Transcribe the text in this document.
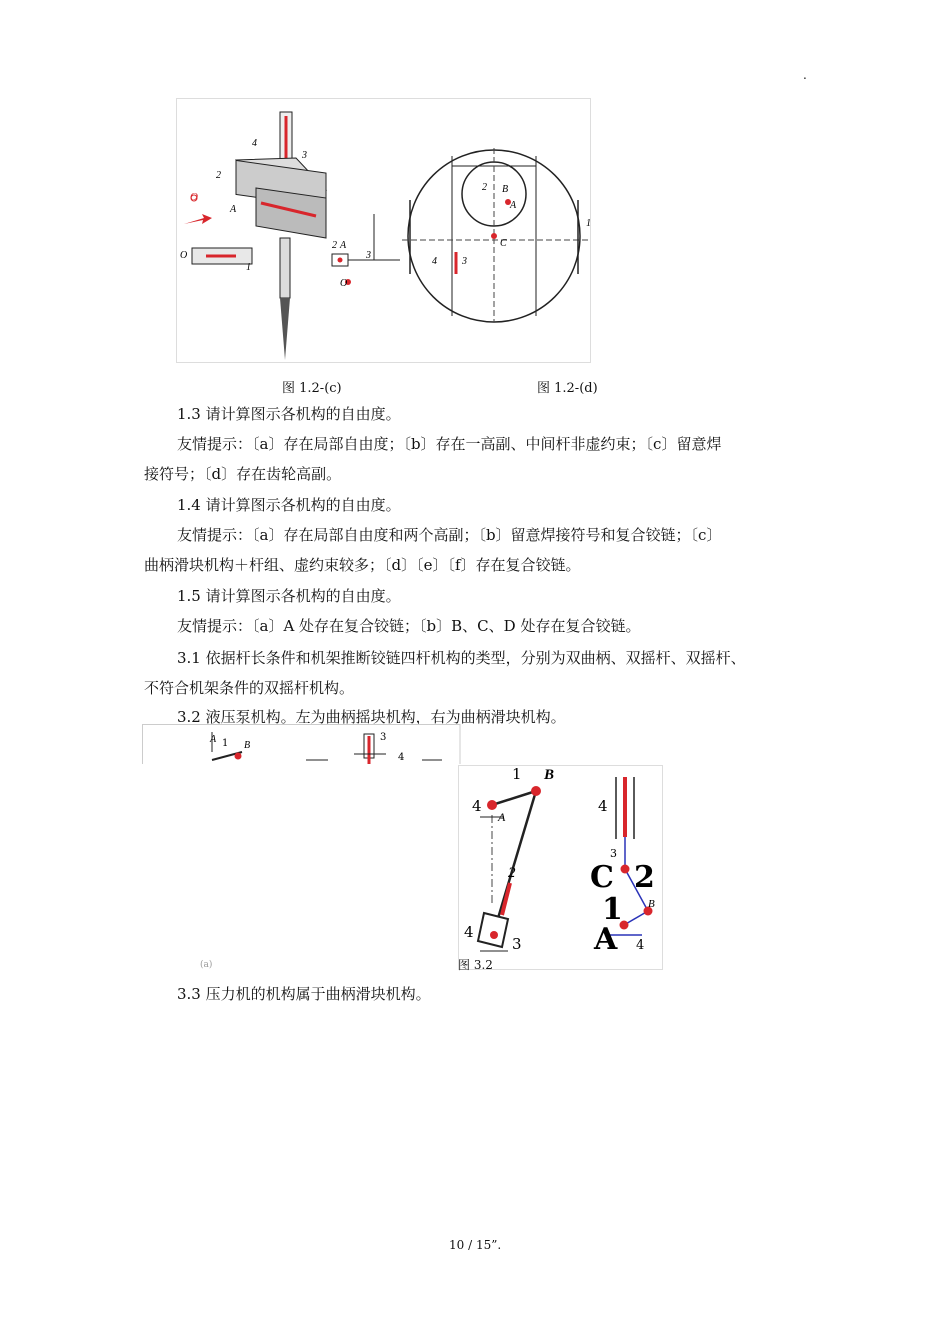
.
4
3
2
A
O
1
O
2 A
3
O
2 B
A
C
1
4	3
图 1.2-(c)	图 1.2-(d)
1.3 请计算图示各机构的自由度。
友情提示：〔a〕存在局部自由度；〔b〕存在一高副、中间杆非虚约束；〔c〕留意焊
接符号；〔d〕存在齿轮高副。
1.4 请计算图示各机构的自由度。
友情提示：〔a〕存在局部自由度和两个高副；〔b〕留意焊接符号和复合铰链；〔c〕
曲柄滑块机构＋杆组、虚约束较多；〔d〕〔e〕〔f〕存在复合铰链。
1.5 请计算图示各机构的自由度。
友情提示：〔a〕A 处存在复合铰链；〔b〕B、C、D 处存在复合铰链。
3.1 依据杆长条件和机架推断铰链四杆机构的类型，分别为双曲柄、双摇杆、双摇杆、
不符合机架条件的双摇杆机构。
3.2 液压泵机构。左为曲柄摇块机构，右为曲柄滑块机构。
A 1 B
3
4
1 B
4
A
2
4
3
4
3
C 2
1 B
A 4
图 3.2
(a)
3.3 压力机的机构属于曲柄滑块机构。
10 / 15”.
